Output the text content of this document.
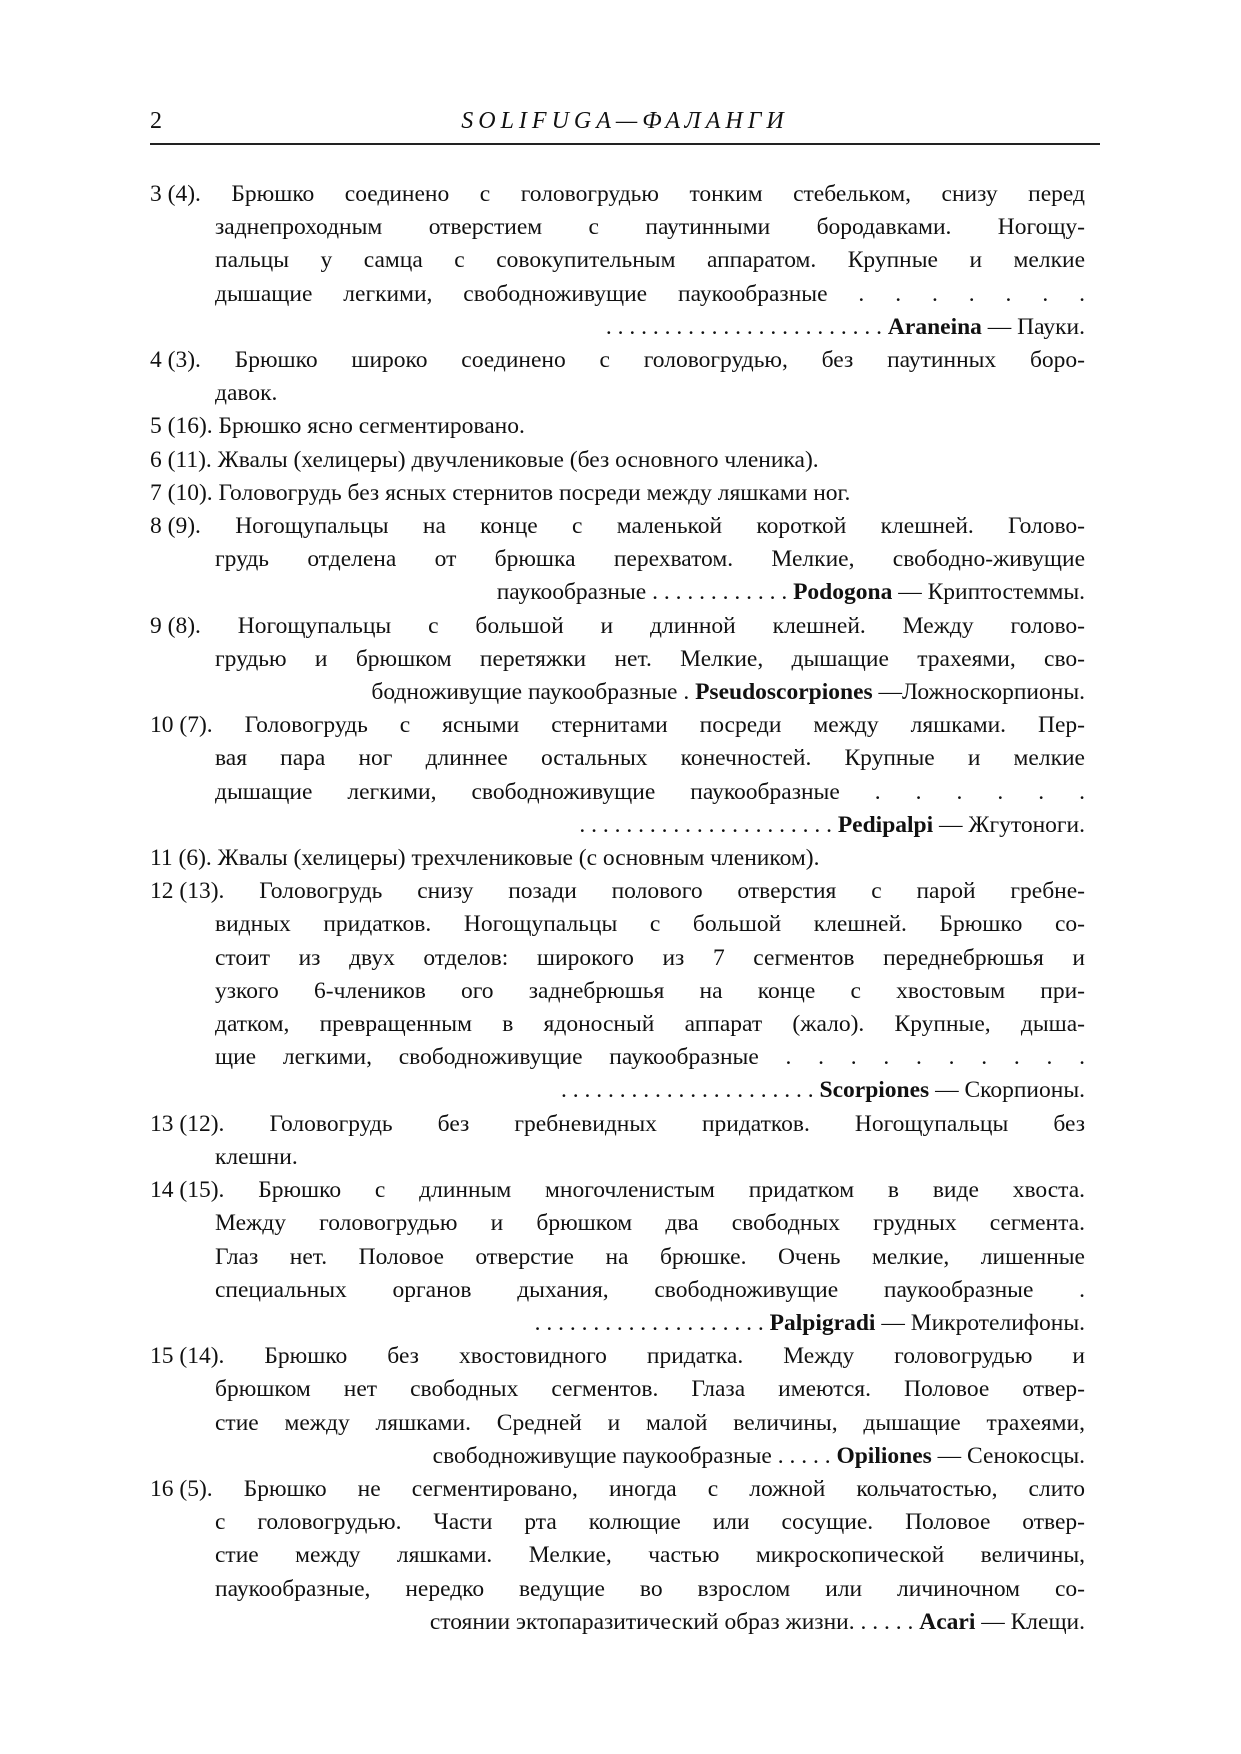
2	SOLIFUGA—ФАЛАНГИ
3 (4). Брюшко соединено с головогрудью тонким стебельком, снизу перед
заднепроходным отверстием с паутинными бородавками. Ногощу-
пальцы у самца с совокупительным аппаратом. Крупные и мелкие
дышащие легкими, свободноживущие паукообразные . . . . . . .
. . . . . . . . . . . . . . . . . . . . . . . . Araneina — Пауки.
4 (3). Брюшко широко соединено с головогрудью, без паутинных боро-
давок.
5 (16). Брюшко ясно сегментировано.
6 (11). Жвалы (хелицеры) двучлениковые (без основного членика).
7 (10). Головогрудь без ясных стернитов посреди между ляшками ног.
8 (9). Ногощупальцы на конце с маленькой короткой клешней. Голово-
грудь отделена от брюшка перехватом. Мелкие, свободно-живущие
паукообразные . . . . . . . . . . . . Podogona — Криптостеммы.
9 (8). Ногощупальцы с большой и длинной клешней. Между голово-
грудью и брюшком перетяжки нет. Мелкие, дышащие трахеями, сво-
бодноживущие паукообразные . Pseudoscorpiones —Ложноскорпионы.
10 (7). Головогрудь с ясными стернитами посреди между ляшками. Пер-
вая пара ног длиннее остальных конечностей. Крупные и мелкие
дышащие легкими, свободноживущие паукообразные . . . . . .
. . . . . . . . . . . . . . . . . . . . . . Pedipalpi — Жгутоноги.
11 (6). Жвалы (хелицеры) трехчлениковые (с основным члеником).
12 (13). Головогрудь снизу позади полового отверстия с парой гребне-
видных придатков. Ногощупальцы с большой клешней. Брюшко со-
стоит из двух отделов: широкого из 7 сегментов переднебрюшья и
узкого 6-члеников ого заднебрюшья на конце с хвостовым при-
датком, превращенным в ядоносный аппарат (жало). Крупные, дыша-
щие легкими, свободноживущие паукообразные . . . . . . . . . .
. . . . . . . . . . . . . . . . . . . . . . Scorpiones — Скорпионы.
13 (12). Головогрудь без гребневидных придатков. Ногощупальцы без
клешни.
14 (15). Брюшко с длинным многочленистым придатком в виде хвоста.
Между головогрудью и брюшком два свободных грудных сегмента.
Глаз нет. Половое отверстие на брюшке. Очень мелкие, лишенные
специальных органов дыхания, свободноживущие паукообразные .
. . . . . . . . . . . . . . . . . . . . Palpigradi — Микротелифоны.
15 (14). Брюшко без хвостовидного придатка. Между головогрудью и
брюшком нет свободных сегментов. Глаза имеются. Половое отвер-
стие между ляшками. Средней и малой величины, дышащие трахеями,
свободноживущие паукообразные . . . . . Opiliones — Сенокосцы.
16 (5). Брюшко не сегментировано, иногда с ложной кольчатостью, слито
с головогрудью. Части рта колющие или сосущие. Половое отвер-
стие между ляшками. Мелкие, частью микроскопической величины,
паукообразные, нередко ведущие во взрослом или личиночном со-
стоянии эктопаразитический образ жизни. . . . . . Acari — Клещи.
